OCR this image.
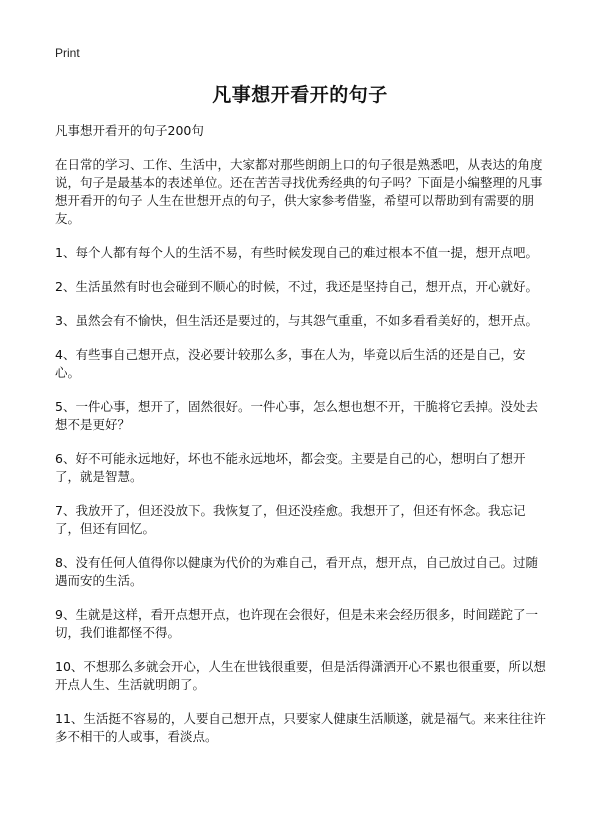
Print
凡事想开看开的句子

凡事想开看开的句子200句

在日常的学习、工作、生活中，大家都对那些朗朗上口的句子很是熟悉吧，从表达的角度说，句子是最基本的表述单位。还在苦苦寻找优秀经典的句子吗？下面是小编整理的凡事想开看开的句子 人生在世想开点的句子，供大家参考借鉴，希望可以帮助到有需要的朋友。

1、每个人都有每个人的生活不易，有些时候发现自己的难过根本不值一提，想开点吧。

2、生活虽然有时也会碰到不顺心的时候，不过，我还是坚持自己，想开点，开心就好。

3、虽然会有不愉快，但生活还是要过的，与其怨气重重，不如多看看美好的，想开点。

4、有些事自己想开点，没必要计较那么多，事在人为，毕竟以后生活的还是自己，安心。

5、一件心事，想开了，固然很好。一件心事，怎么想也想不开，干脆将它丢掉。没处去想不是更好？

6、好不可能永远地好，坏也不能永远地坏，都会变。主要是自己的心，想明白了想开了，就是智慧。

7、我放开了，但还没放下。我恢复了，但还没痊愈。我想开了，但还有怀念。我忘记了，但还有回忆。

8、没有任何人值得你以健康为代价的为难自己，看开点，想开点，自己放过自己。过随遇而安的生活。

9、生就是这样，看开点想开点，也许现在会很好，但是未来会经历很多，时间蹉跎了一切，我们谁都怪不得。

10、不想那么多就会开心，人生在世钱很重要，但是活得潇洒开心不累也很重要，所以想开点人生、生活就明朗了。

11、生活挺不容易的，人要自己想开点，只要家人健康生活顺遂，就是福气。来来往往许多不相干的人或事，看淡点。
